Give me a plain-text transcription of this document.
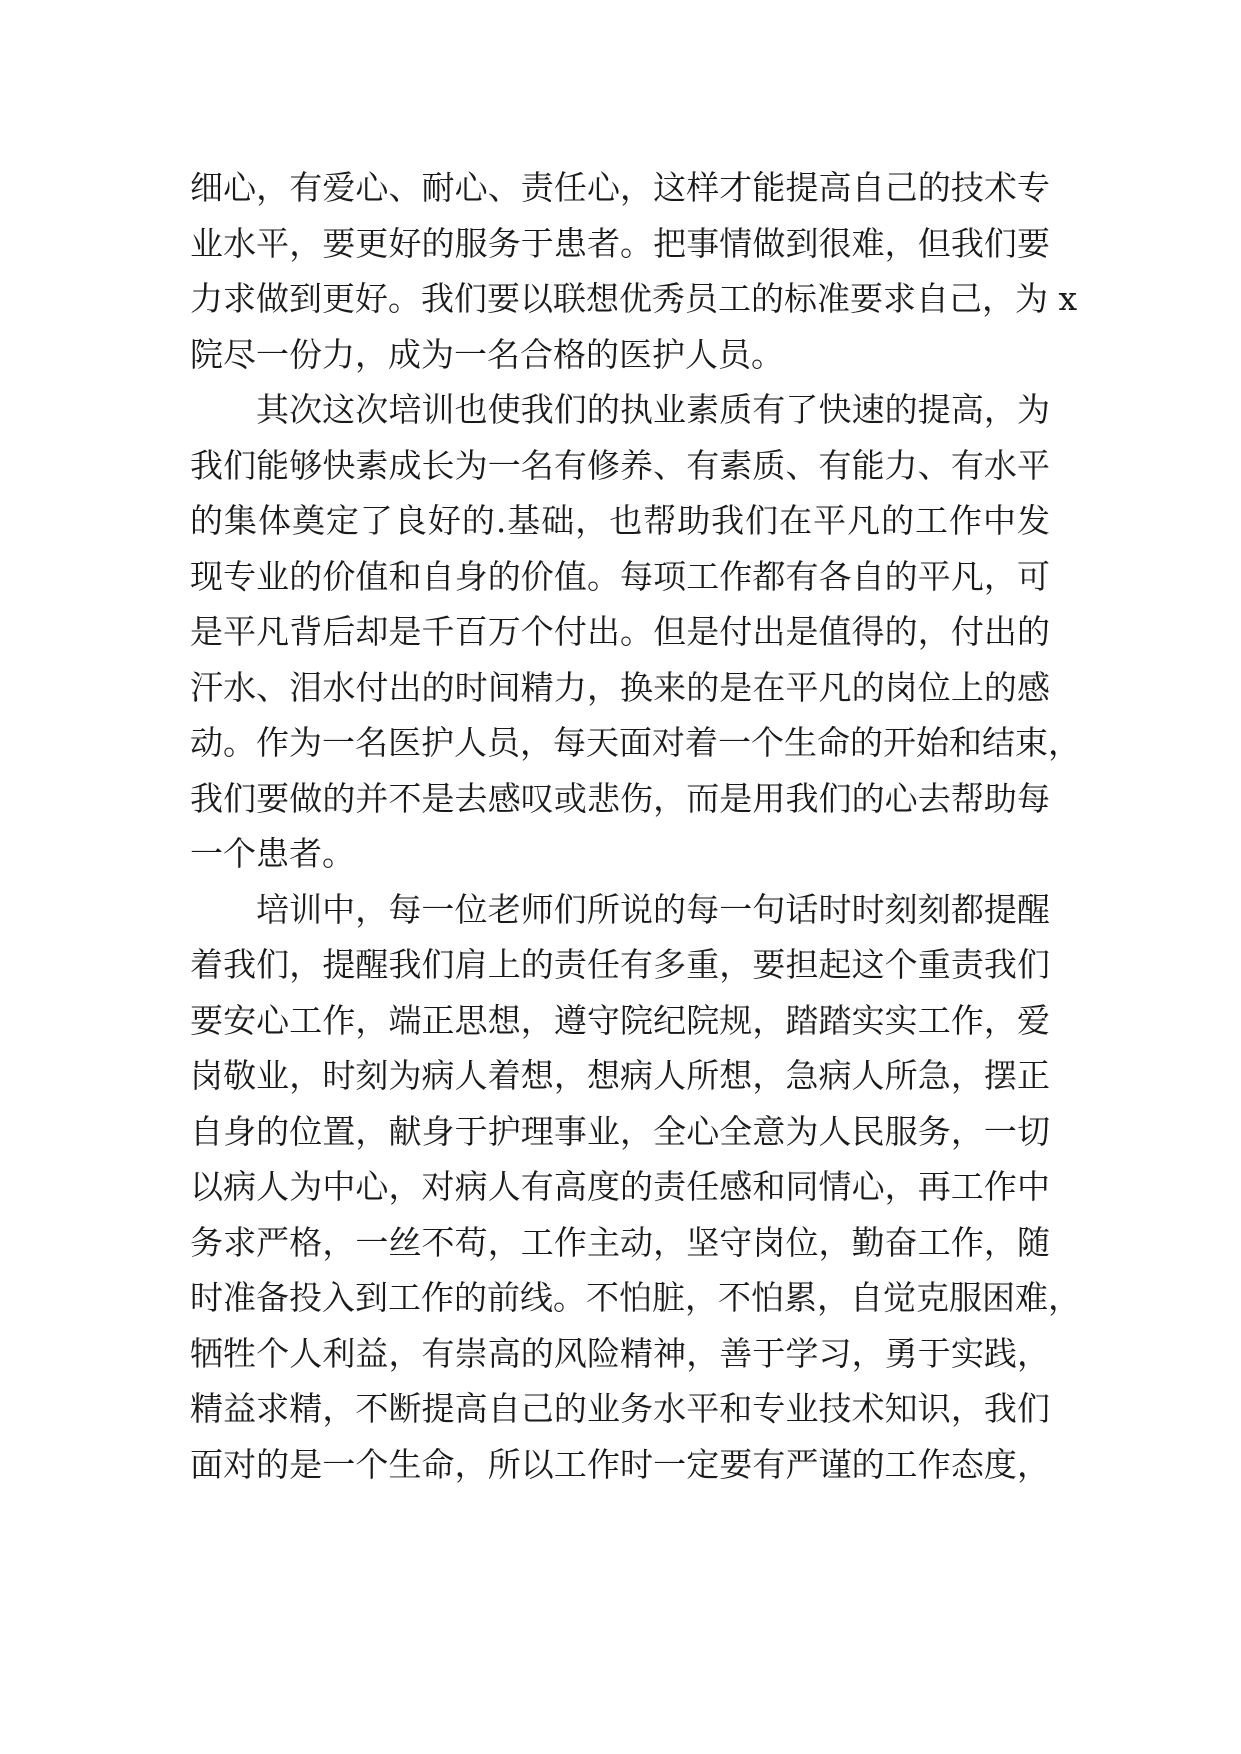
细心，有爱心、耐心、责任心，这样才能提高自己的技术专
业水平，要更好的服务于患者。把事情做到很难，但我们要
力求做到更好。我们要以联想优秀员工的标准要求自己，为 x
院尽一份力，成为一名合格的医护人员。
其次这次培训也使我们的执业素质有了快速的提高，为
我们能够快素成长为一名有修养、有素质、有能力、有水平
的集体奠定了良好的.基础，也帮助我们在平凡的工作中发
现专业的价值和自身的价值。每项工作都有各自的平凡，可
是平凡背后却是千百万个付出。但是付出是值得的，付出的
汗水、泪水付出的时间精力，换来的是在平凡的岗位上的感
动。作为一名医护人员，每天面对着一个生命的开始和结束，
我们要做的并不是去感叹或悲伤，而是用我们的心去帮助每
一个患者。
培训中，每一位老师们所说的每一句话时时刻刻都提醒
着我们，提醒我们肩上的责任有多重，要担起这个重责我们
要安心工作，端正思想，遵守院纪院规，踏踏实实工作，爱
岗敬业，时刻为病人着想，想病人所想，急病人所急，摆正
自身的位置，献身于护理事业，全心全意为人民服务，一切
以病人为中心，对病人有高度的责任感和同情心，再工作中
务求严格，一丝不苟，工作主动，坚守岗位，勤奋工作，随
时准备投入到工作的前线。不怕脏，不怕累，自觉克服困难，
牺牲个人利益，有崇高的风险精神，善于学习，勇于实践，
精益求精，不断提高自己的业务水平和专业技术知识，我们
面对的是一个生命，所以工作时一定要有严谨的工作态度，
